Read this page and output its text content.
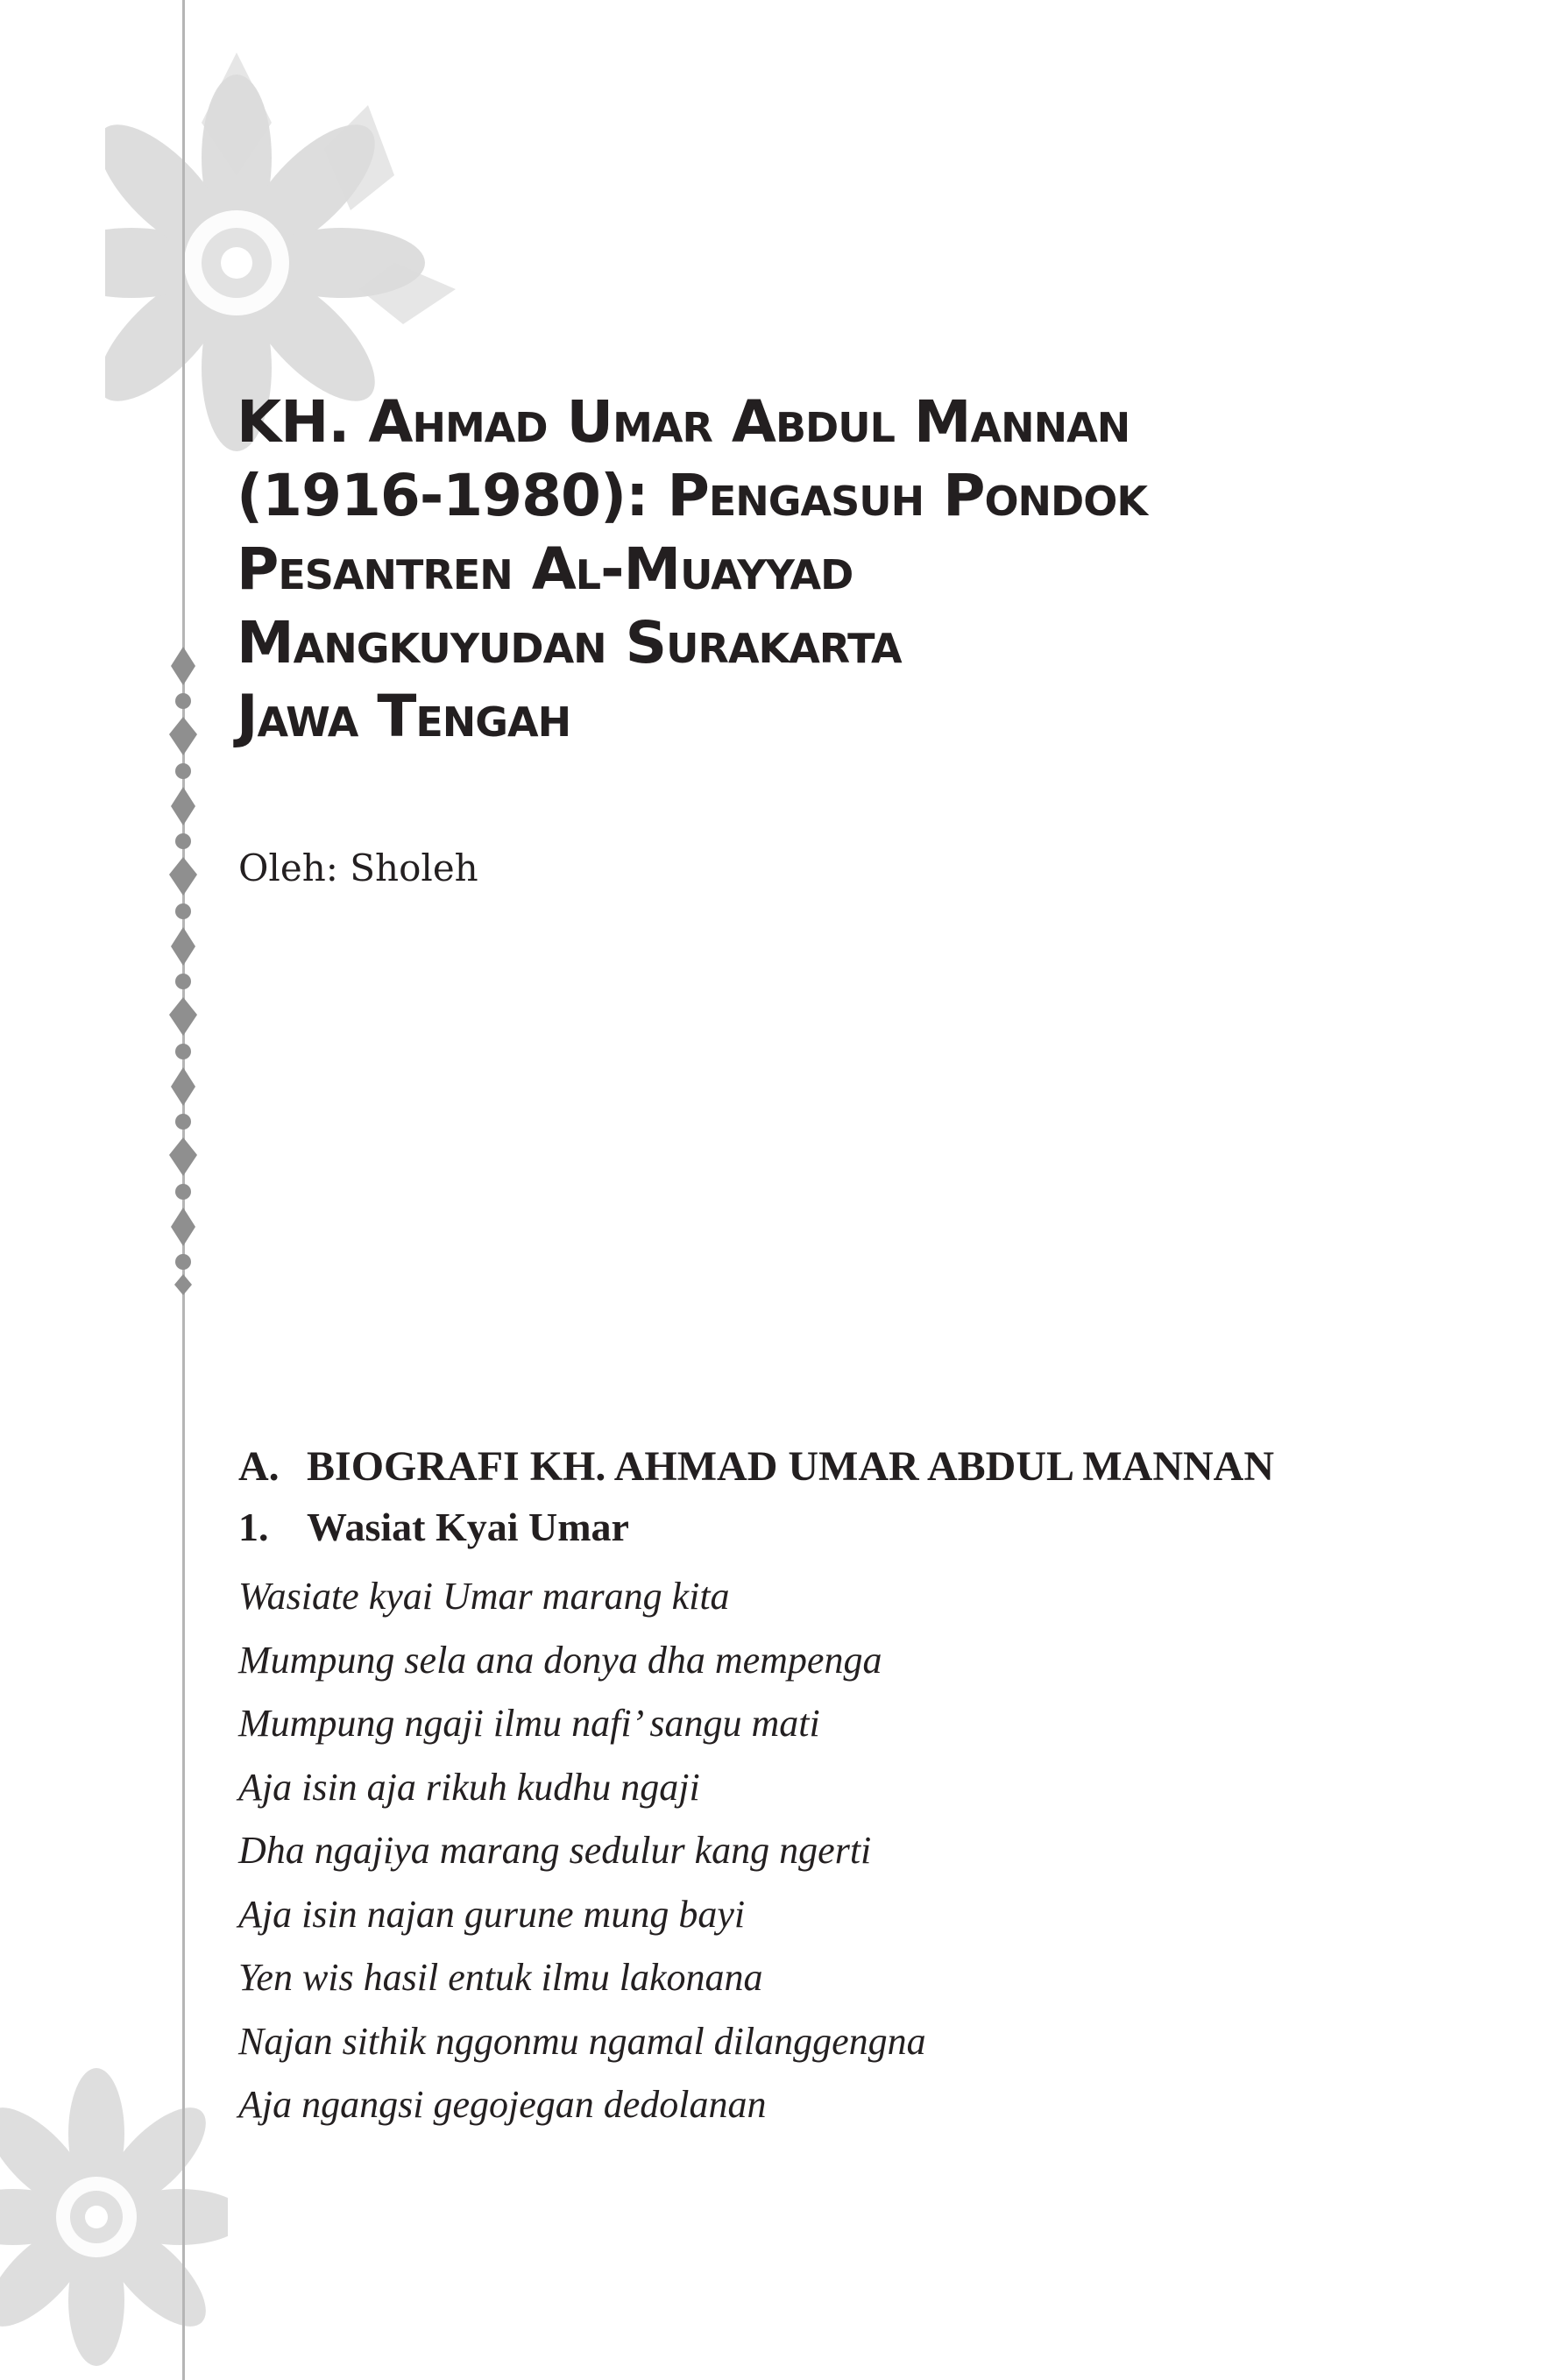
KH. Ahmad Umar Abdul Mannan
(1916-1980): Pengasuh Pondok
Pesantren Al-Muayyad
Mangkuyudan Surakarta
Jawa Tengah
Oleh: Sholeh
A. BIOGRAFI KH. AHMAD UMAR ABDUL MANNAN
1. Wasiat Kyai Umar
Wasiate kyai Umar marang kita
Mumpung sela ana donya dha mempenga
Mumpung ngaji ilmu nafi’ sangu mati
Aja isin aja rikuh kudhu ngaji
Dha ngajiya marang sedulur kang ngerti
Aja isin najan gurune mung bayi
Yen wis hasil entuk ilmu lakonana
Najan sithik nggonmu ngamal dilanggengna
Aja ngangsi gegojegan dedolanan
